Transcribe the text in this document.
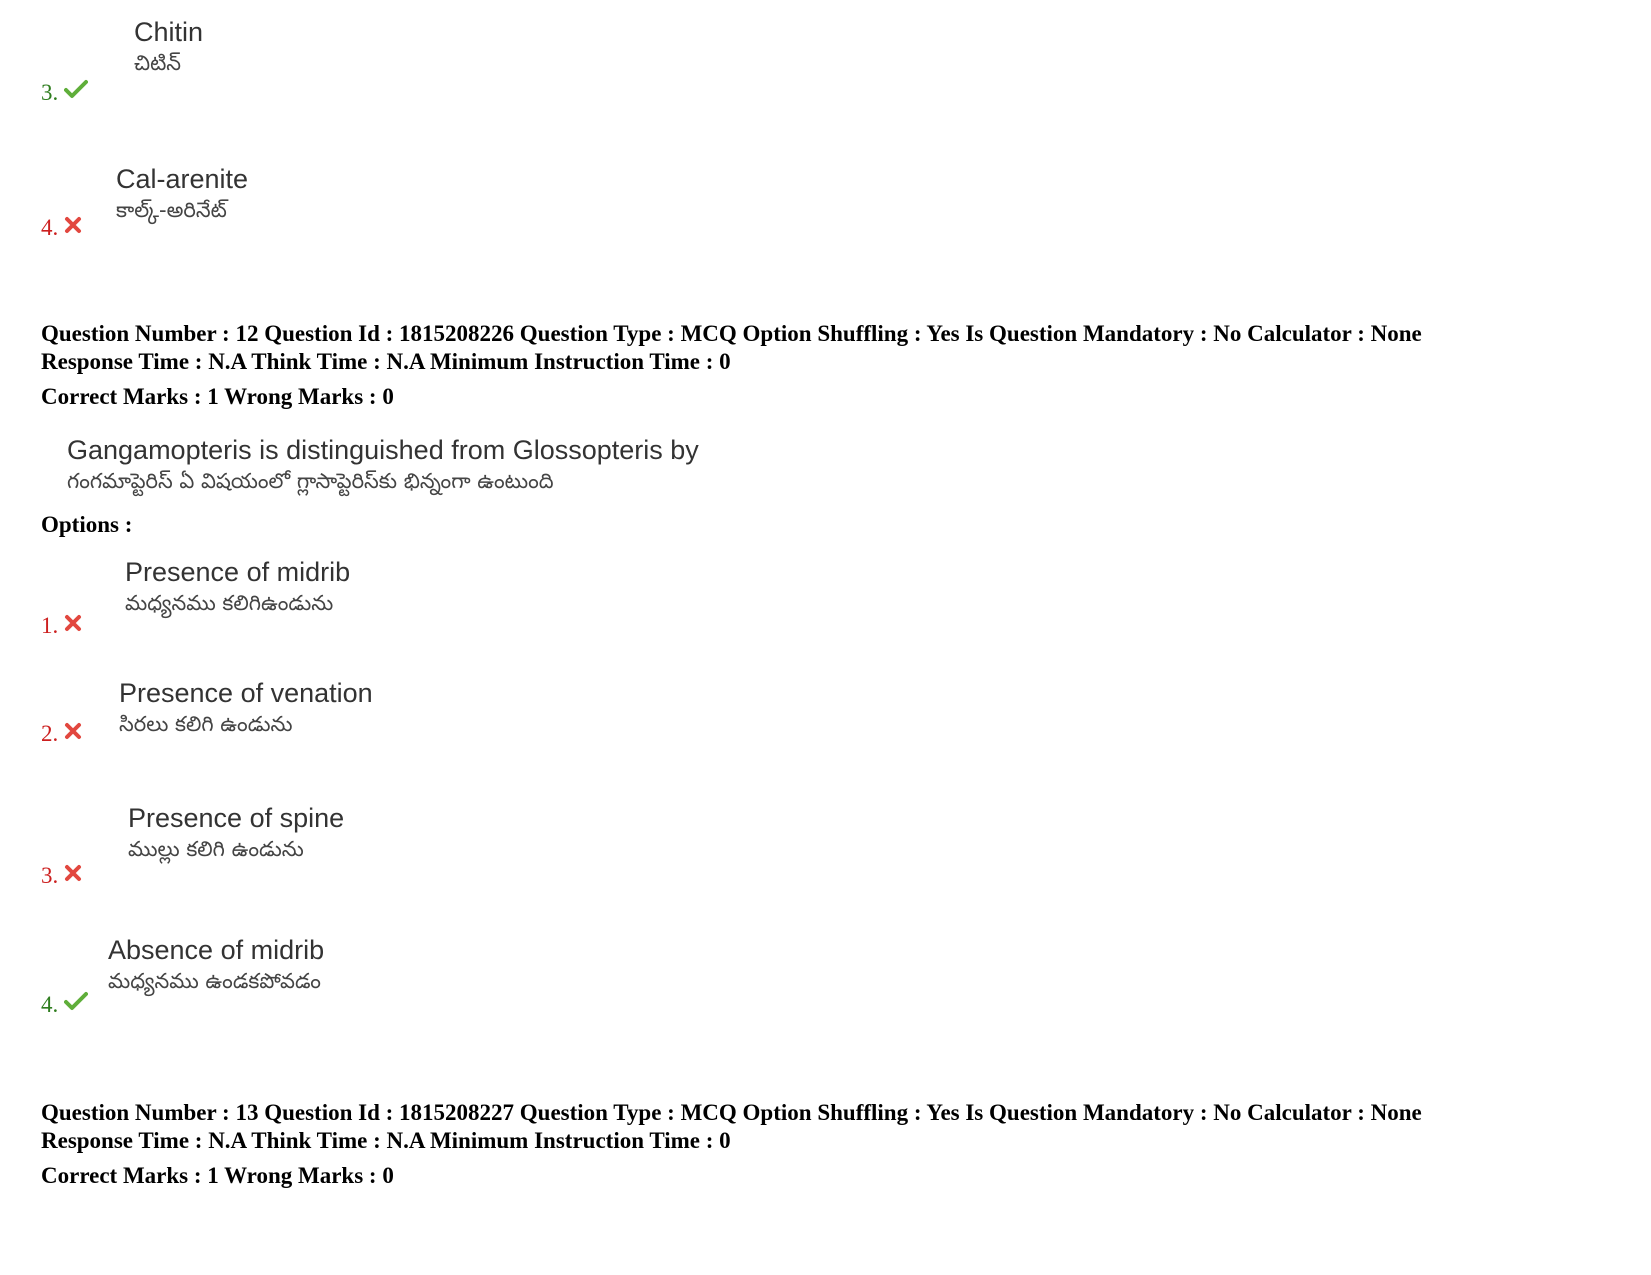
Chitin
చిటిన్
3.
Cal-arenite
కాల్క్-అరినేట్
4.
Question Number : 12 Question Id : 1815208226 Question Type : MCQ Option Shuffling : Yes Is Question Mandatory : No Calculator : None
Response Time : N.A Think Time : N.A Minimum Instruction Time : 0
Correct Marks : 1 Wrong Marks : 0
Gangamopteris is distinguished from Glossopteris by
గంగమాప్టెరిస్ ఏ విషయంలో గ్లాసాప్టెరిస్‌కు భిన్నంగా ఉంటుంది
Options :
Presence of midrib
మధ్యనము కలిగిఉండును
1.
Presence of venation
సిరలు కలిగి ఉండును
2.
Presence of spine
ముల్లు కలిగి ఉండును
3.
Absence of midrib
మధ్యనము ఉండకపోవడం
4.
Question Number : 13 Question Id : 1815208227 Question Type : MCQ Option Shuffling : Yes Is Question Mandatory : No Calculator : None
Response Time : N.A Think Time : N.A Minimum Instruction Time : 0
Correct Marks : 1 Wrong Marks : 0
